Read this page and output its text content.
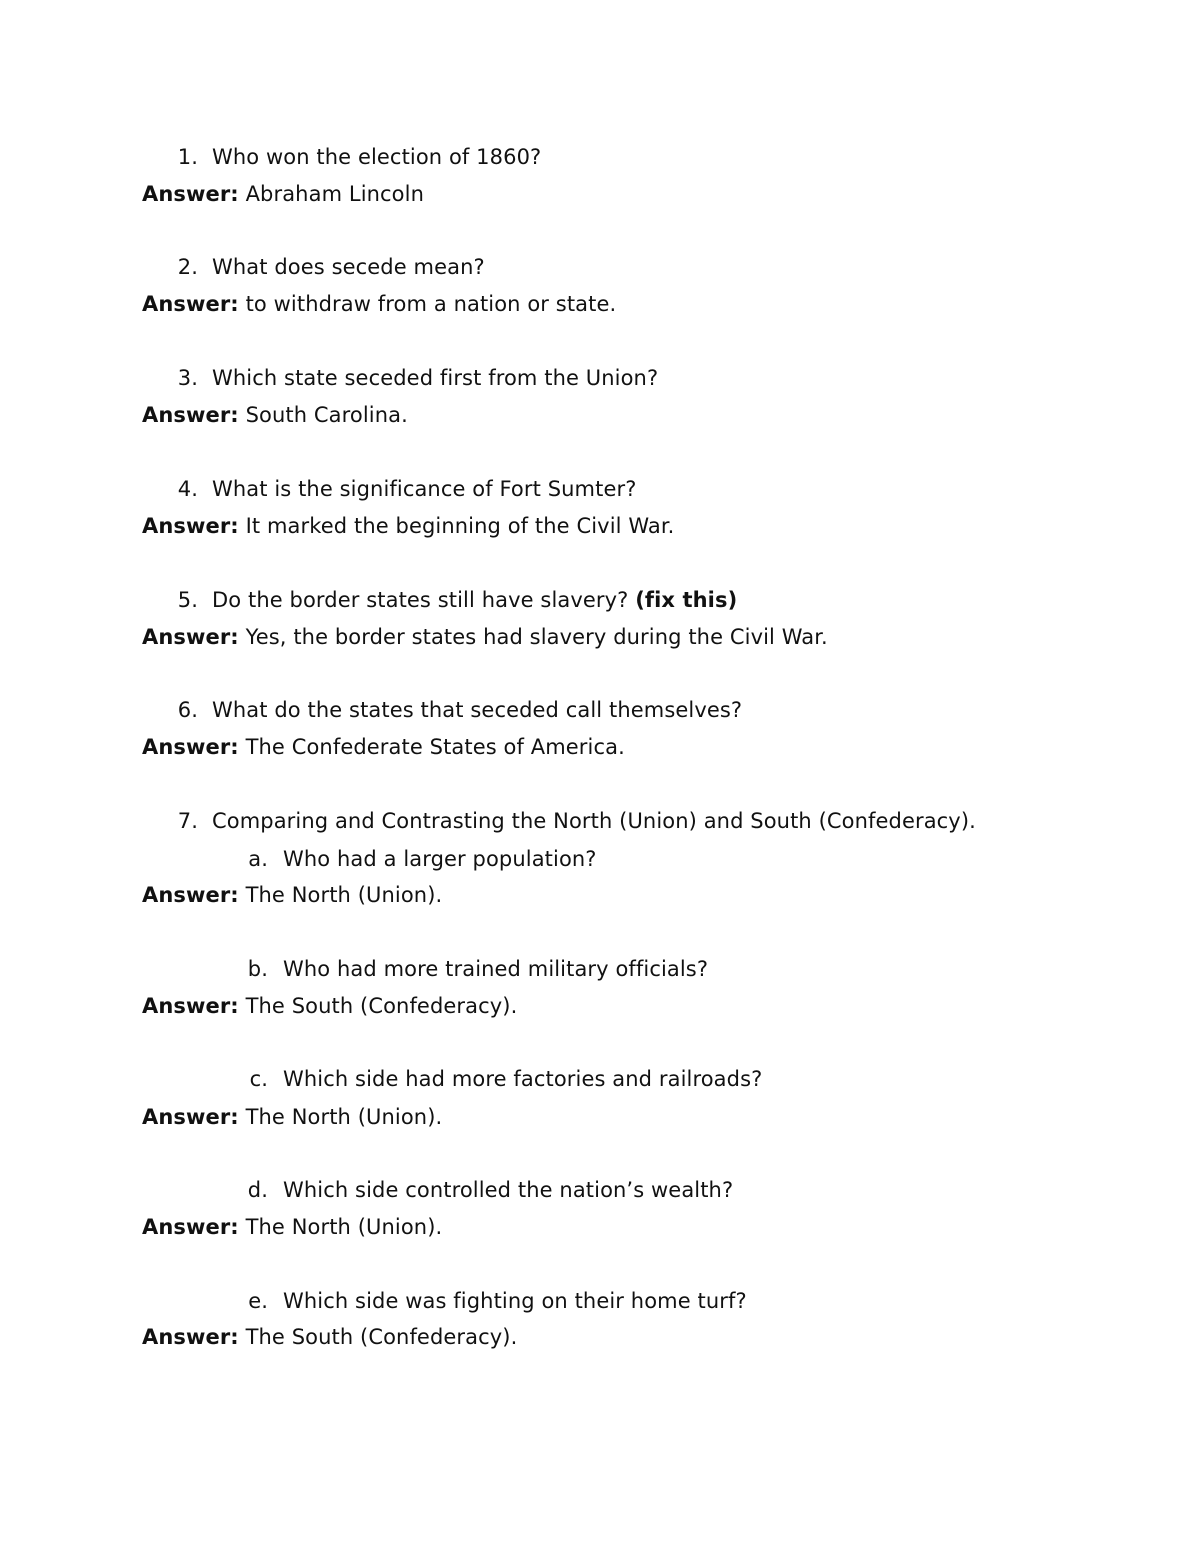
1. Who won the election of 1860?
Answer: Abraham Lincoln
2. What does secede mean?
Answer: to withdraw from a nation or state.
3. Which state seceded first from the Union?
Answer: South Carolina.
4. What is the significance of Fort Sumter?
Answer: It marked the beginning of the Civil War.
5. Do the border states still have slavery? (fix this)
Answer: Yes, the border states had slavery during the Civil War.
6. What do the states that seceded call themselves?
Answer: The Confederate States of America.
7. Comparing and Contrasting the North (Union) and South (Confederacy).
a. Who had a larger population?
Answer: The North (Union).
b. Who had more trained military officials?
Answer: The South (Confederacy).
c. Which side had more factories and railroads?
Answer: The North (Union).
d. Which side controlled the nation’s wealth?
Answer: The North (Union).
e. Which side was fighting on their home turf?
Answer: The South (Confederacy).
